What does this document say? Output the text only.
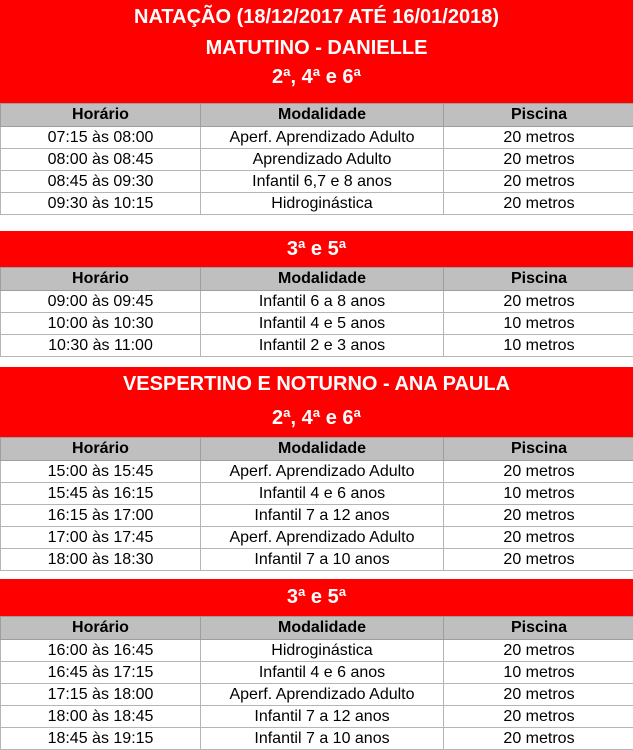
NATAÇÃO (18/12/2017 ATÉ 16/01/2018)
MATUTINO - DANIELLE
2ª, 4ª e 6ª
Horário	Modalidade	Piscina
07:15 às 08:00	Aperf. Aprendizado Adulto	20 metros
08:00 às 08:45	Aprendizado Adulto	20 metros
08:45 às 09:30	Infantil 6,7 e 8 anos	20 metros
09:30 às 10:15	Hidroginástica	20 metros
3ª e 5ª
Horário	Modalidade	Piscina
09:00 às 09:45	Infantil 6 a 8 anos	20 metros
10:00 às 10:30	Infantil 4 e 5 anos	10 metros
10:30 às 11:00	Infantil 2 e 3 anos	10 metros
VESPERTINO E NOTURNO - ANA PAULA
2ª, 4ª e 6ª
Horário	Modalidade	Piscina
15:00 às 15:45	Aperf. Aprendizado Adulto	20 metros
15:45 às 16:15	Infantil 4 e 6 anos	10 metros
16:15 às 17:00	Infantil 7 a 12 anos	20 metros
17:00 às 17:45	Aperf. Aprendizado Adulto	20 metros
18:00 às 18:30	Infantil 7 a 10 anos	20 metros
3ª e 5ª
Horário	Modalidade	Piscina
16:00 às 16:45	Hidroginástica	20 metros
16:45 às 17:15	Infantil 4 e 6 anos	10 metros
17:15 às 18:00	Aperf. Aprendizado Adulto	20 metros
18:00 às 18:45	Infantil 7 a 12 anos	20 metros
18:45 às 19:15	Infantil 7 a 10 anos	20 metros
